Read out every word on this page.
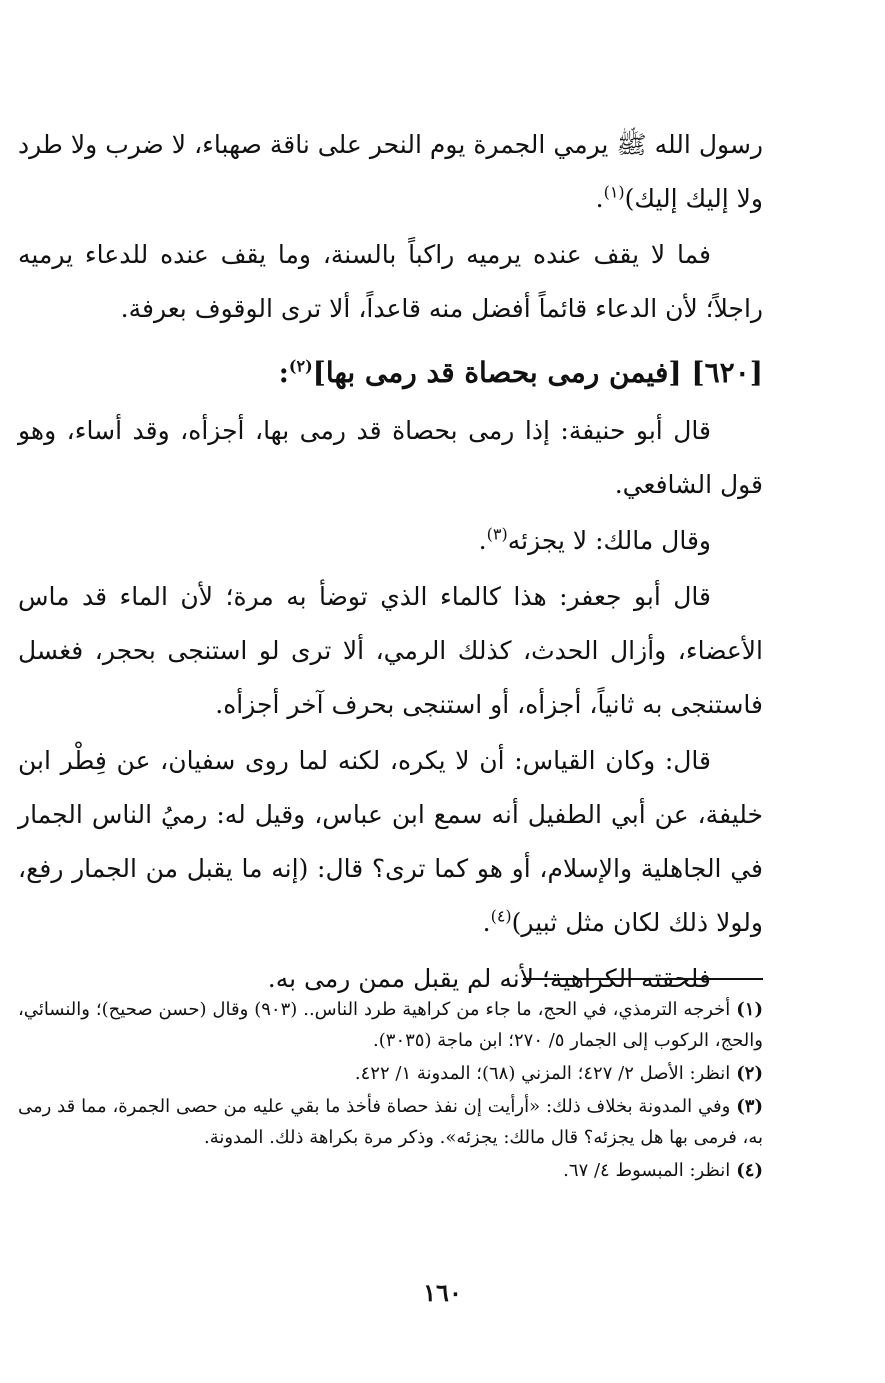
رسول الله ﷺ يرمي الجمرة يوم النحر على ناقة صهباء، لا ضرب ولا طرد ولا إليك إليك)$^{(١)}$.

فما لا يقف عنده يرميه راكباً بالسنة، وما يقف عنده للدعاء يرميه راجلاً؛ لأن الدعاء قائماً أفضل منه قاعداً، ألا ترى الوقوف بعرفة.

[٦٢٠] [فيمن رمى بحصاة قد رمى بها]$^{(٢)}$:

قال أبو حنيفة: إذا رمى بحصاة قد رمى بها، أجزأه، وقد أساء، وهو قول الشافعي.

وقال مالك: لا يجزئه$^{(٣)}$.

قال أبو جعفر: هذا كالماء الذي توضأ به مرة؛ لأن الماء قد ماس الأعضاء، وأزال الحدث، كذلك الرمي، ألا ترى لو استنجى بحجر، فغسل فاستنجى به ثانياً، أجزأه، أو استنجى بحرف آخر أجزأه.

قال: وكان القياس: أن لا يكره، لكنه لما روى سفيان، عن فِطْر ابن خليفة، عن أبي الطفيل أنه سمع ابن عباس، وقيل له: رميُ الناس الجمار في الجاهلية والإسلام، أو هو كما ترى؟ قال: (إنه ما يقبل من الجمار رفع، ولولا ذلك لكان مثل ثبير)$^{(٤)}$.

فلحقته الكراهية؛ لأنه لم يقبل ممن رمى به.

(١)أخرجه الترمذي، في الحج، ما جاء من كراهية طرد الناس.. (٩٠٣) وقال (حسن صحيح)؛ والنسائي، والحج، الركوب إلى الجمار ٥/ ٢٧٠؛ ابن ماجة (٣٠٣٥).

(٢)انظر: الأصل ٢/ ٤٢٧؛ المزني (٦٨)؛ المدونة ١/ ٤٢٢.

(٣)وفي المدونة بخلاف ذلك: «أرأيت إن نفذ حصاة فأخذ ما بقي عليه من حصى الجمرة، مما قد رمى به، فرمى بها هل يجزئه؟ قال مالك: يجزئه». وذكر مرة بكراهة ذلك. المدونة.

(٤)انظر: المبسوط ٤/ ٦٧.

١٦٠
